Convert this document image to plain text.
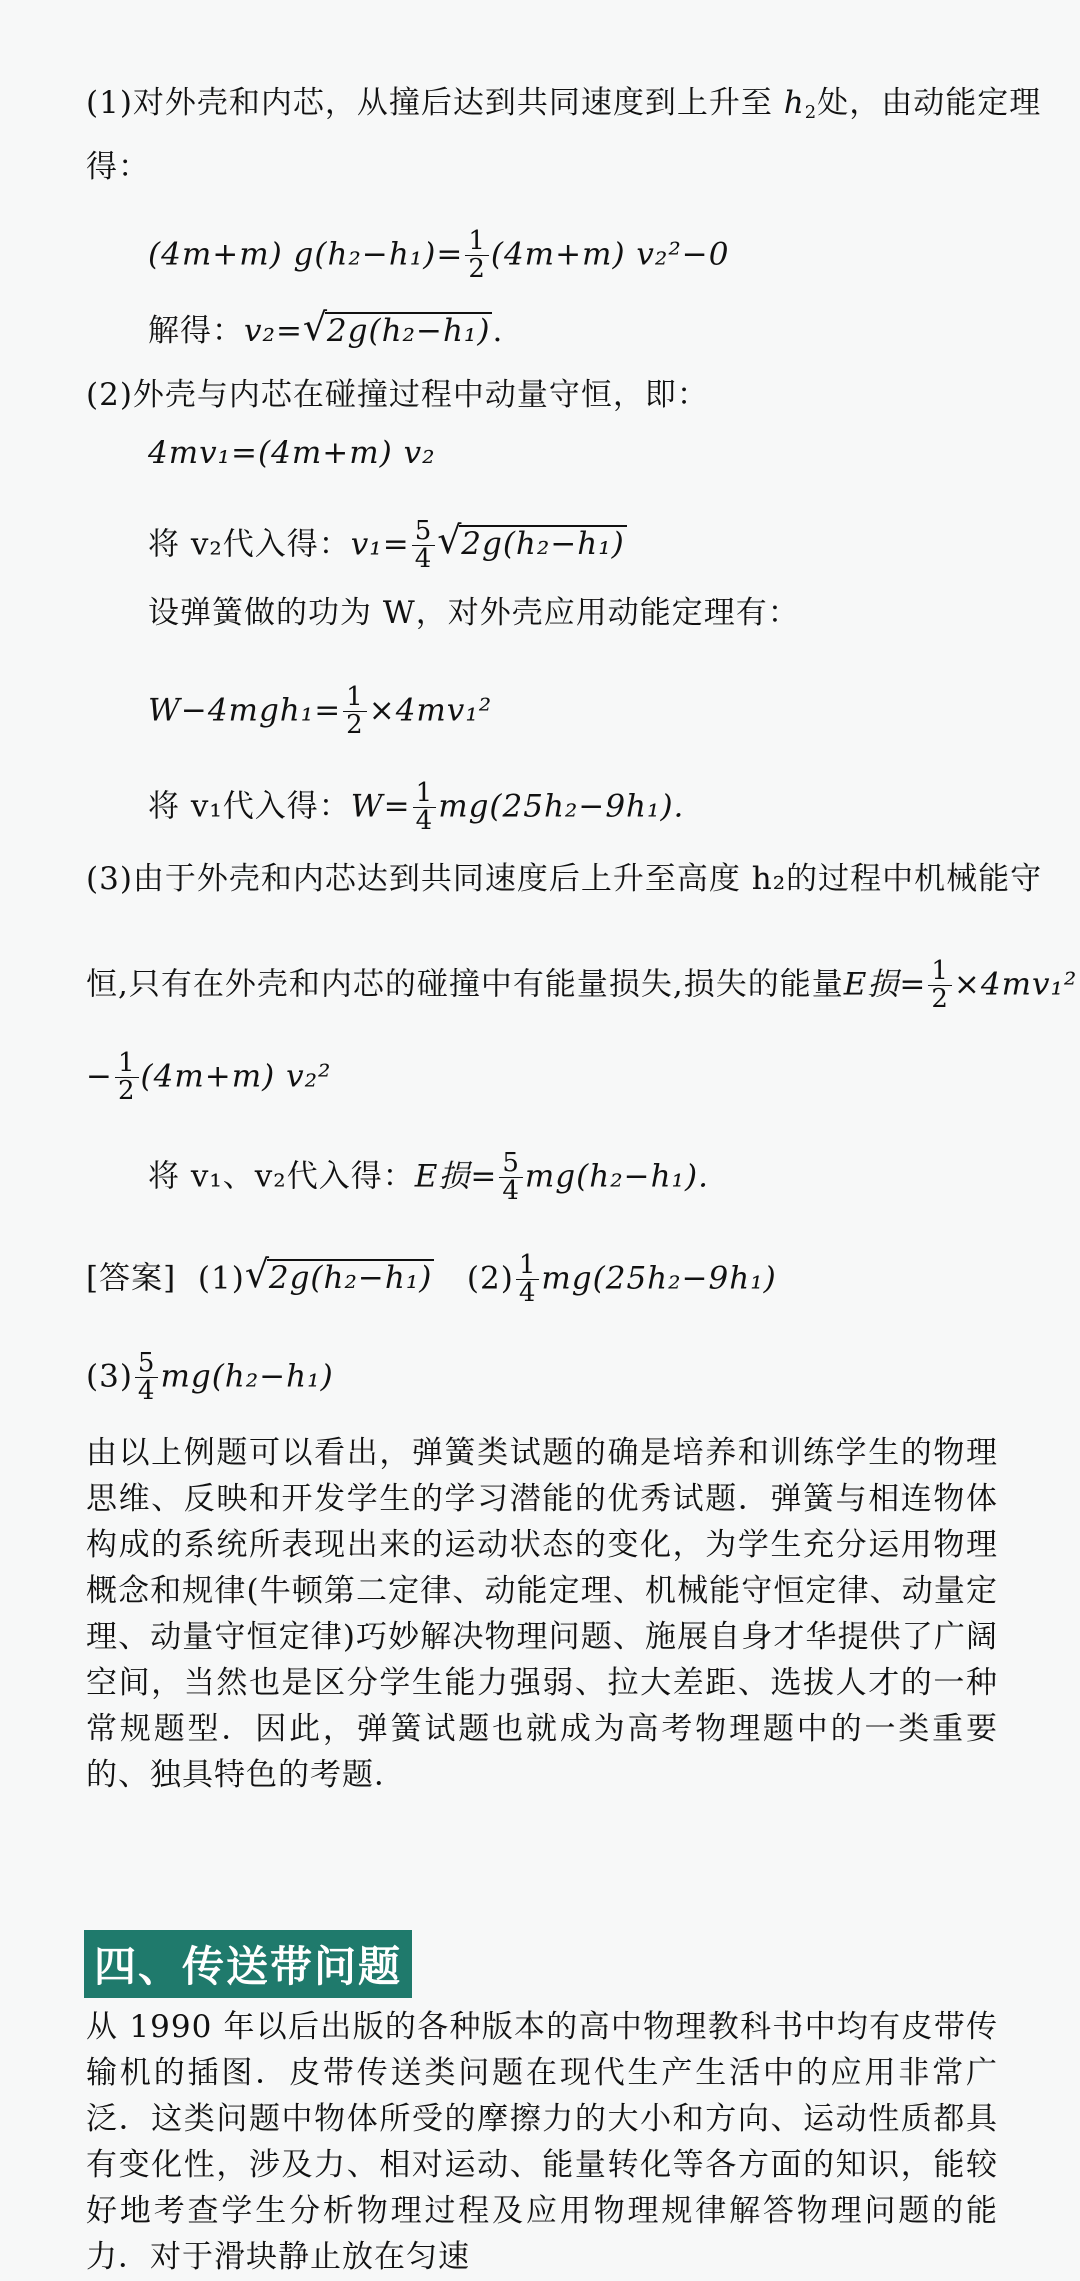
(1)对外壳和内芯，从撞后达到共同速度到上升至 $h_2$处，由动能定理
得：
(4m+m) $g(h_2-h_1)= \frac{1}{2} (4m+m)$ v₂²−0
解得：v₂= √
2g(h₂−h₁).
(2)外壳与内芯在碰撞过程中动量守恒，即：
4mv₁=(4m+m) v₂
将 v₂代入得：$v_1= \frac{5}{4}$ √
2g(h₂−h₁)
设弹簧做的功为 W，对外壳应用动能定理有：
$W-4mgh_1= \frac{1}{2} \times 4mv_1^2$
将 v₁代入得：$W= \frac{1}{4} mg(25h_2-9h_1)$.
(3)由于外壳和内芯达到共同速度后上升至高度 h₂的过程中机械能守
恒,只有在外壳和内芯的碰撞中有能量损失,损失的能量E损= $\frac{1}{2} \times 4mv_1^2$
− $\frac{1}{2} (4m+m)$ v₂²
将 v₁、v₂代入得：E损= $\frac{5}{4} mg(h_2-h_1)$.
[答案] (1) √
2g(h₂−h₁) $(2) \frac{1}{4} mg(25h_2-9h_1)$
$(3) \frac{5}{4} mg(h_2-h_1)$

由以上例题可以看出，弹簧类试题的确是培养和训练学生的物理思维、反映和开发学生的学习潜能的优秀试题．弹簧与相连物体构成的系统所表现出来的运动状态的变化，为学生充分运用物理概念和规律(牛顿第二定律、动能定理、机械能守恒定律、动量定理、动量守恒定律)巧妙解决物理问题、施展自身才华提供了广阔空间，当然也是区分学生能力强弱、拉大差距、选拔人才的一种常规题型．因此，弹簧试题也就成为高考物理题中的一类重要的、独具特色的考题．

四、传送带问题

从 1990 年以后出版的各种版本的高中物理教科书中均有皮带传输机的插图．皮带传送类问题在现代生产生活中的应用非常广泛．这类问题中物体所受的摩擦力的大小和方向、运动性质都具有变化性，涉及力、相对运动、能量转化等各方面的知识，能较好地考查学生分析物理过程及应用物理规律解答物理问题的能力．对于滑块静止放在匀速
